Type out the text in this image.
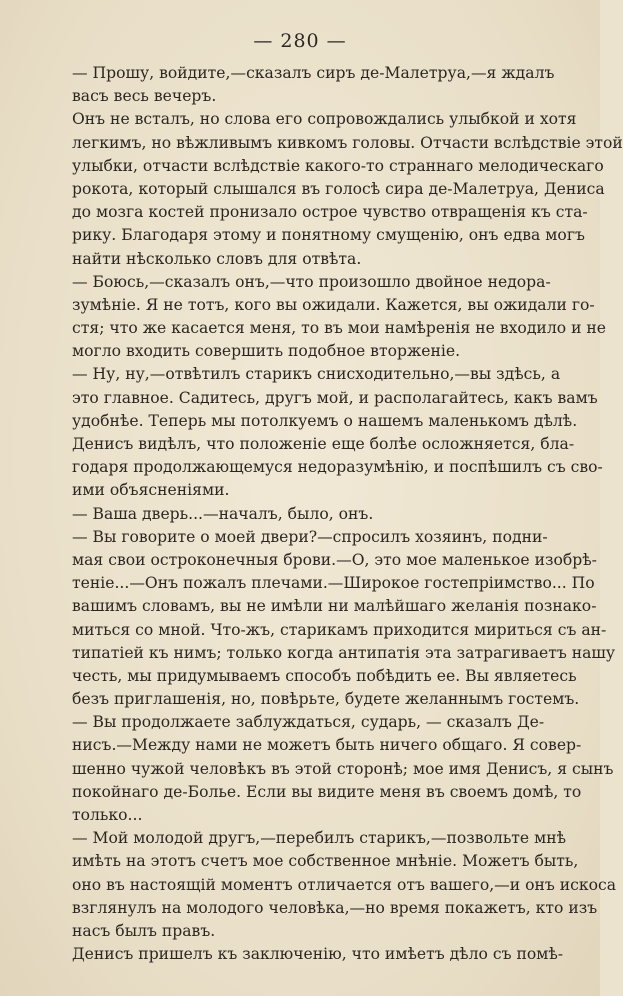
— 280 —
— Прошу, войдите,—сказалъ сиръ де-Малетруа,—я ждалъ
васъ весь вечеръ.
Онъ не всталъ, но слова его сопровождались улыбкой и хотя
легкимъ, но вѣжливымъ кивкомъ головы. Отчасти вслѣдствіе этой
улыбки, отчасти вслѣдствіе какого-то страннаго мелодическаго
рокота, который слышался въ голосѣ сира де-Малетруа, Дениса
до мозга костей пронизало острое чувство отвращенія къ ста-
рику. Благодаря этому и понятному смущенію, онъ едва могъ
найти нѣсколько словъ для отвѣта.
— Боюсь,—сказалъ онъ,—что произошло двойное недора-
зумѣніе. Я не тотъ, кого вы ожидали. Кажется, вы ожидали го-
стя; что же касается меня, то въ мои намѣренія не входило и не
могло входить совершить подобное вторженіе.
— Ну, ну,—отвѣтилъ старикъ снисходительно,—вы здѣсь, а
это главное. Садитесь, другъ мой, и располагайтесь, какъ вамъ
удобнѣе. Теперь мы потолкуемъ о нашемъ маленькомъ дѣлѣ.
Денисъ видѣлъ, что положеніе еще болѣе осложняется, бла-
годаря продолжающемуся недоразумѣнію, и поспѣшилъ съ сво-
ими объясненіями.
— Ваша дверь...—началъ, было, онъ.
— Вы говорите о моей двери?—спросилъ хозяинъ, подни-
мая свои остроконечныя брови.—О, это мое маленькое изобрѣ-
теніе...—Онъ пожалъ плечами.—Широкое гостепріимство... По
вашимъ словамъ, вы не имѣли ни малѣйшаго желанія познако-
миться со мной. Что-жъ, старикамъ приходится мириться съ ан-
типатіей къ нимъ; только когда антипатія эта затрагиваетъ нашу
честь, мы придумываемъ способъ побѣдить ее. Вы являетесь
безъ приглашенія, но, повѣрьте, будете желаннымъ гостемъ.
— Вы продолжаете заблуждаться, сударь, — сказалъ Де-
нисъ.—Между нами не можетъ быть ничего общаго. Я совер-
шенно чужой человѣкъ въ этой сторонѣ; мое имя Денисъ, я сынъ
покойнаго де-Болье. Если вы видите меня въ своемъ домѣ, то
только...
— Мой молодой другъ,—перебилъ старикъ,—позвольте мнѣ
имѣть на этотъ счетъ мое собственное мнѣніе. Можетъ быть,
оно въ настоящій моментъ отличается отъ вашего,—и онъ искоса
взглянулъ на молодого человѣка,—но время покажетъ, кто изъ
насъ былъ правъ.
Денисъ пришелъ къ заключенію, что имѣетъ дѣло съ помѣ-
